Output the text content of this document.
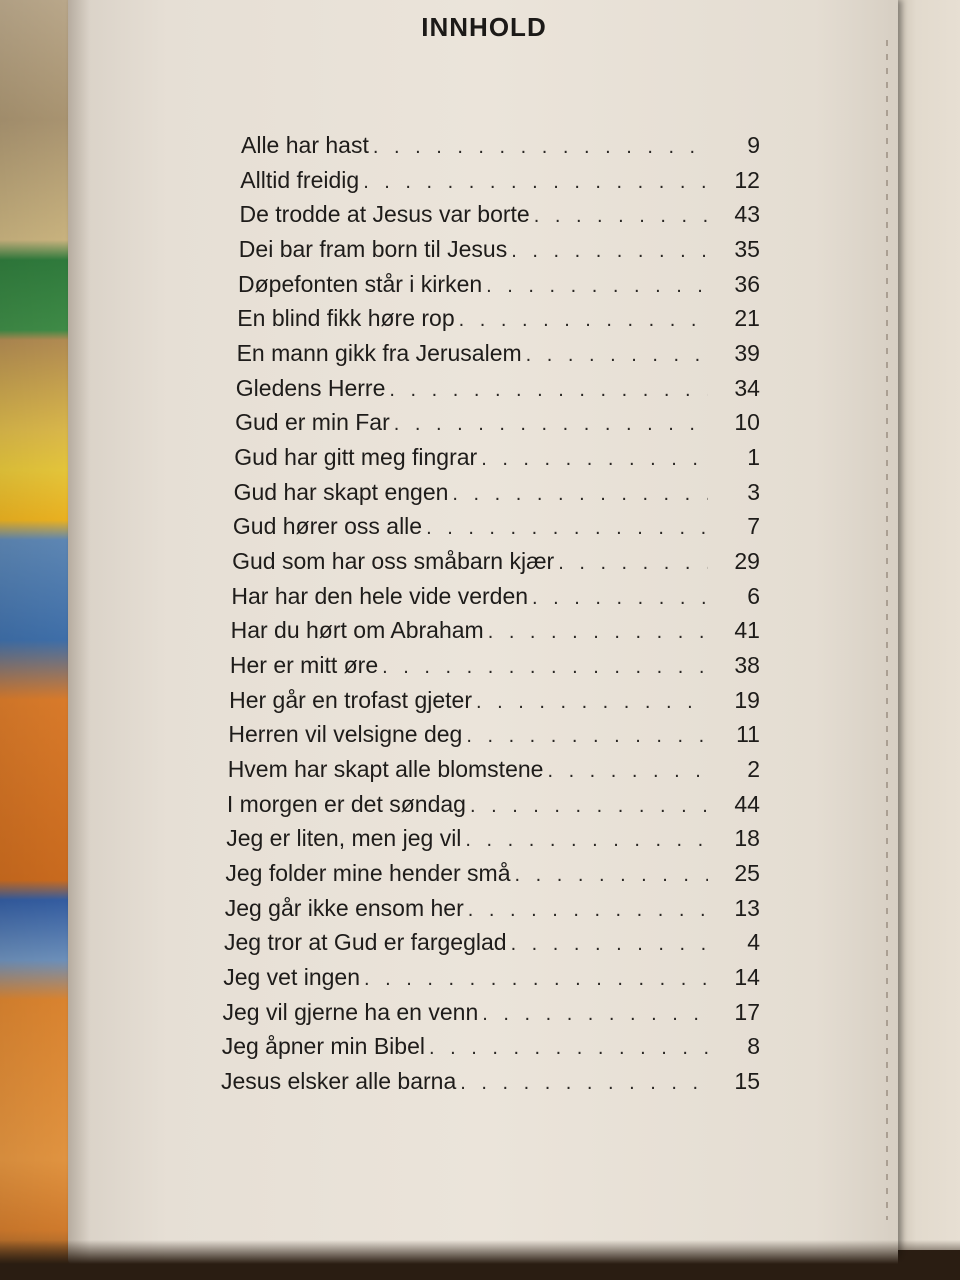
INNHOLD
Alle har hast . . .	9
Alltid freidig . . .	12
De trodde at Jesus var borte . . .	43
Dei bar fram born til Jesus . . .	35
Døpefonten står i kirken . . .	36
En blind fikk høre rop . . .	21
En mann gikk fra Jerusalem . . .	39
Gledens Herre . . .	34
Gud er min Far . . .	10
Gud har gitt meg fingrar . . .	1
Gud har skapt engen . . .	3
Gud hører oss alle . . .	7
Gud som har oss småbarn kjær . . .	29
Har har den hele vide verden . . .	6
Har du hørt om Abraham . . .	41
Her er mitt øre . . .	38
Her går en trofast gjeter . . .	19
Herren vil velsigne deg . . .	11
Hvem har skapt alle blomstene . . .	2
I morgen er det søndag . . .	44
Jeg er liten, men jeg vil . . .	18
Jeg folder mine hender små . . .	25
Jeg går ikke ensom her . . .	13
Jeg tror at Gud er fargeglad . . .	4
Jeg vet ingen . . .	14
Jeg vil gjerne ha en venn . . .	17
Jeg åpner min Bibel . . .	8
Jesus elsker alle barna . . .	15
